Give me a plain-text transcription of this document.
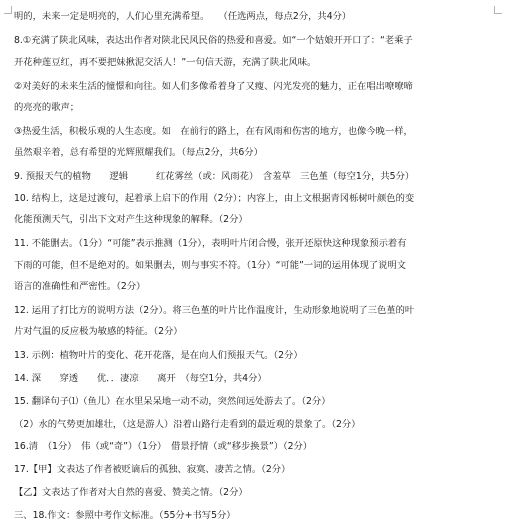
明的，未来一定是明亮的，人们心里充满希望。　　（任选两点，每点2分，共4分）
8.①充满了陕北风味，表达出作者对陕北民风民俗的热爱和喜爱。如“一个姑娘开开口了：“老乘子
开花种莲豆红，再不要把妹揪泥交活人！”一句信天游，充满了陕北风味。
②对美好的未来生活的憧憬和向往。如人们多像希着身了又瘦、闪光发亮的魅力，正在唱出嘹嘹啼
的亮亮的歌声；
③热爱生活，积极乐观的人生态度。如　在前行的路上，在有风雨和伤害的地方，也像今晚一样，
虽然艰辛着，总有希望的光辉照耀我们。（每点2分，共6分）
9. 预报天气的植物　　逻辑　　　红花雾丝（或：风雨花）　含羞草　三色堇（每空1分，共5分）
10. 结构上，这是过渡句，起着承上启下的作用（2分）；内容上，由上文根据青冈栎树叶颜色的变
化能预测天气，引出下文对产生这种现象的解释。（2分）
11. 不能删去。（1分）“可能”表示推测（1分），表明叶片闭合慢，张开还原快这种现象预示着有
下雨的可能，但不是绝对的。如果删去，则与事实不符。（1分）“可能”一词的运用体现了说明文
语言的准确性和严密性。（2分）
12. 运用了打比方的说明方法（2分）。将三色堇的叶片比作温度计，生动形象地说明了三色堇的叶
片对气温的反应极为敏感的特征。（2分）
13. 示例：植物叶片的变化、花开花落，是在向人们预报天气。（2分）
14. 深　　穿透　　优．．凄凉　　离开　（每空1分，共4分）
15. 翻译句子⑴（鱼儿）在水里呆呆地一动不动，突然间远处游去了。（2分）
（2）水的气势更加雄壮，（这是游人）沿着山路行走看到的最近观的景象了。（2分）
16.清　（1分）　伟（或“奇”）（1分）　借景抒情（或“移步换景”）（2分）
17.【甲】文表达了作者被贬谪后的孤独、寂寞、凄苦之情。（2分）
【乙】文表达了作者对大自然的喜爱、赞美之情。（2分）
三、18.作文：参照中考作文标准。（55分+书写5分）
